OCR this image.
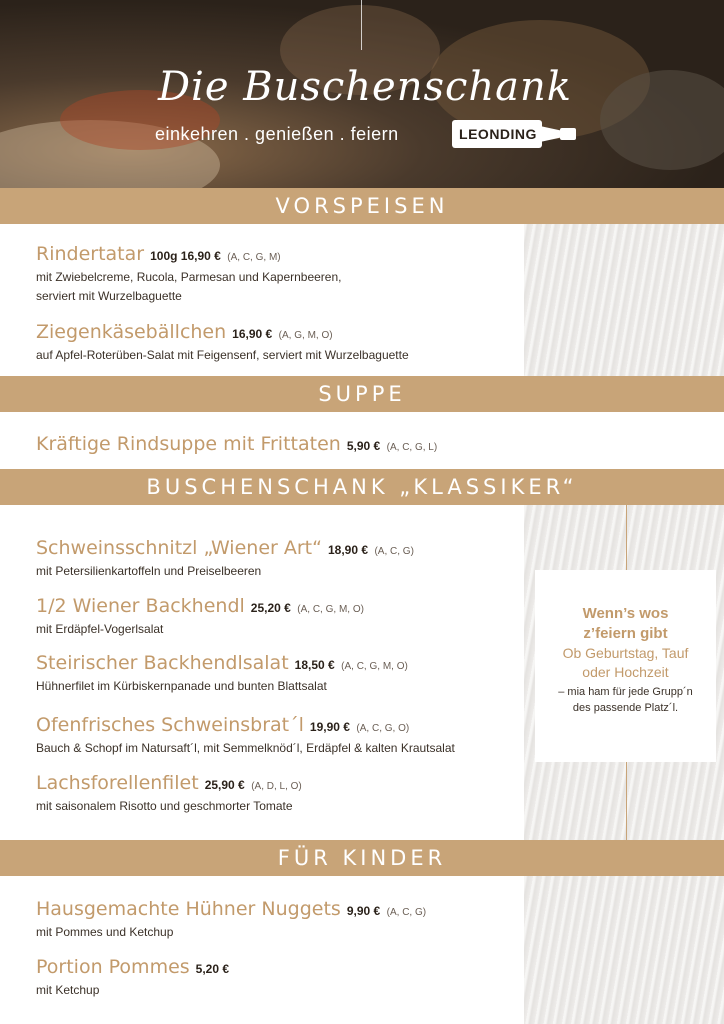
Die Buschenschank
einkehren . genießen . feiern	LEONDING
VORSPEISEN
Rindertatar 100g 16,90 € (A, C, G, M)
mit Zwiebelcreme, Rucola, Parmesan und Kapernbeeren,
serviert mit Wurzelbaguette
Ziegenkäsebällchen 16,90 € (A, G, M, O)
auf Apfel-Roterüben-Salat mit Feigensenf, serviert mit Wurzelbaguette
SUPPE
Kräftige Rindsuppe mit Frittaten 5,90 € (A, C, G, L)
BUSCHENSCHANK „KLASSIKER“
Schweinsschnitzl „Wiener Art“ 18,90 € (A, C, G)
mit Petersilienkartoffeln und Preiselbeeren
1/2 Wiener Backhendl 25,20 € (A, C, G, M, O)
mit Erdäpfel-Vogerlsalat
Steirischer Backhendlsalat 18,50 € (A, C, G, M, O)
Hühnerfilet im Kürbiskernpanade und bunten Blattsalat
Ofenfrisches Schweinsbrat´l 19,90 € (A, C, G, O)
Bauch & Schopf im Natursaft´l, mit Semmelknöd´l, Erdäpfel & kalten Krautsalat
Lachsforellenfilet 25,90 € (A, D, L, O)
mit saisonalem Risotto und geschmorter Tomate
Wenn’s wos
z’feiern gibt
Ob Geburtstag, Tauf
oder Hochzeit
– mia ham für jede Grupp´n
des passende Platz´l.
FÜR KINDER
Hausgemachte Hühner Nuggets 9,90 € (A, C, G)
mit Pommes und Ketchup
Portion Pommes 5,20 €
mit Ketchup
